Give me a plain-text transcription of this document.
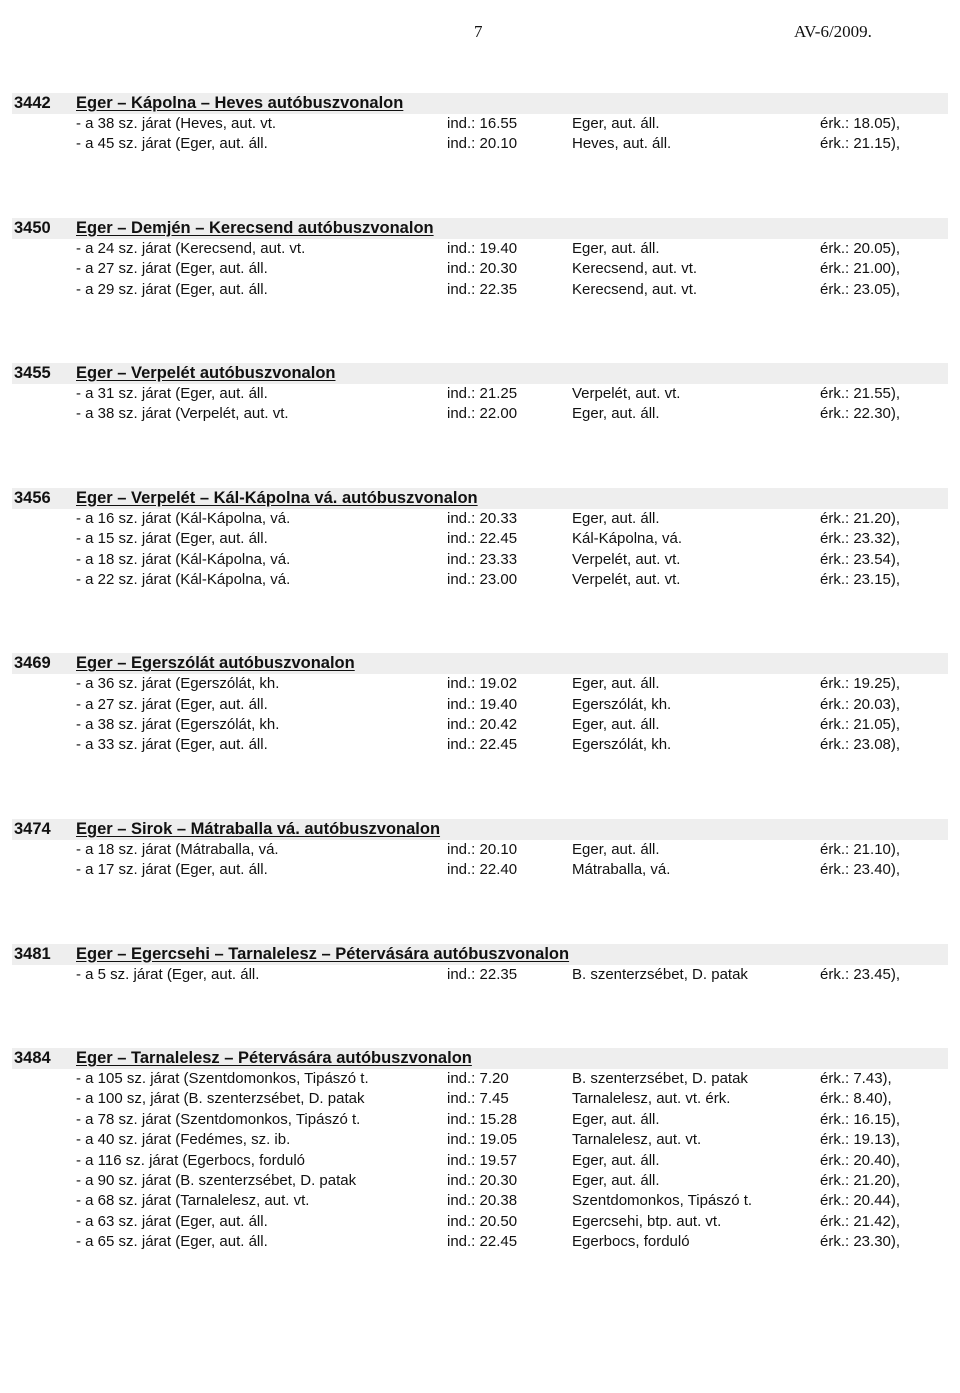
7	AV-6/2009.
3442 Eger – Kápolna – Heves autóbuszvonalon
- a 38 sz. járat (Heves, aut. vt.	ind.: 16.55	Eger, aut. áll.	érk.: 18.05),
- a 45 sz. járat (Eger, aut. áll.	ind.: 20.10	Heves, aut. áll.	érk.: 21.15),
3450 Eger – Demjén – Kerecsend autóbuszvonalon
- a 24 sz. járat (Kerecsend, aut. vt.	ind.: 19.40	Eger, aut. áll.	érk.: 20.05),
- a 27 sz. járat (Eger, aut. áll.	ind.: 20.30	Kerecsend, aut. vt.	érk.: 21.00),
- a 29 sz. járat (Eger, aut. áll.	ind.: 22.35	Kerecsend, aut. vt.	érk.: 23.05),
3455 Eger – Verpelét autóbuszvonalon
- a 31 sz. járat (Eger, aut. áll.	ind.: 21.25	Verpelét, aut. vt.	érk.: 21.55),
- a 38 sz. járat (Verpelét, aut. vt.	ind.: 22.00	Eger, aut. áll.	érk.: 22.30),
3456 Eger – Verpelét – Kál-Kápolna vá. autóbuszvonalon
- a 16 sz. járat (Kál-Kápolna, vá.	ind.: 20.33	Eger, aut. áll.	érk.: 21.20),
- a 15 sz. járat (Eger, aut. áll.	ind.: 22.45	Kál-Kápolna, vá.	érk.: 23.32),
- a 18 sz. járat (Kál-Kápolna, vá.	ind.: 23.33	Verpelét, aut. vt.	érk.: 23.54),
- a 22 sz. járat (Kál-Kápolna, vá.	ind.: 23.00	Verpelét, aut. vt.	érk.: 23.15),
3469 Eger – Egerszólát autóbuszvonalon
- a 36 sz. járat (Egerszólát, kh.	ind.: 19.02	Eger, aut. áll.	érk.: 19.25),
- a 27 sz. járat (Eger, aut. áll.	ind.: 19.40	Egerszólát, kh.	érk.: 20.03),
- a 38 sz. járat (Egerszólát, kh.	ind.: 20.42	Eger, aut. áll.	érk.: 21.05),
- a 33 sz. járat (Eger, aut. áll.	ind.: 22.45	Egerszólát, kh.	érk.: 23.08),
3474 Eger – Sirok – Mátraballa vá. autóbuszvonalon
- a 18 sz. járat (Mátraballa, vá.	ind.: 20.10	Eger, aut. áll.	érk.: 21.10),
- a 17 sz. járat (Eger, aut. áll.	ind.: 22.40	Mátraballa, vá.	érk.: 23.40),
3481 Eger – Egercsehi – Tarnalelesz – Pétervására autóbuszvonalon
- a 5 sz. járat (Eger, aut. áll.	ind.: 22.35	B. szenterzsébet, D. patak	érk.: 23.45),
3484 Eger – Tarnalelesz – Pétervására autóbuszvonalon
- a 105 sz. járat (Szentdomonkos, Tipászó t.	ind.: 7.20	B. szenterzsébet, D. patak	érk.: 7.43),
- a 100 sz, járat (B. szenterzsébet, D. patak	ind.: 7.45	Tarnalelesz, aut. vt. érk.	érk.: 8.40),
- a 78 sz. járat (Szentdomonkos, Tipászó t.	ind.: 15.28	Eger, aut. áll.	érk.: 16.15),
- a 40 sz. járat (Fedémes, sz. ib.	ind.: 19.05	Tarnalelesz, aut. vt.	érk.: 19.13),
- a 116 sz. járat (Egerbocs, forduló	ind.: 19.57	Eger, aut. áll.	érk.: 20.40),
- a 90 sz. járat (B. szenterzsébet, D. patak	ind.: 20.30	Eger, aut. áll.	érk.: 21.20),
- a 68 sz. járat (Tarnalelesz, aut. vt.	ind.: 20.38	Szentdomonkos, Tipászó t.	érk.: 20.44),
- a 63 sz. járat (Eger, aut. áll.	ind.: 20.50	Egercsehi, btp. aut. vt.	érk.: 21.42),
- a 65 sz. járat (Eger, aut. áll.	ind.: 22.45	Egerbocs, forduló	érk.: 23.30),
